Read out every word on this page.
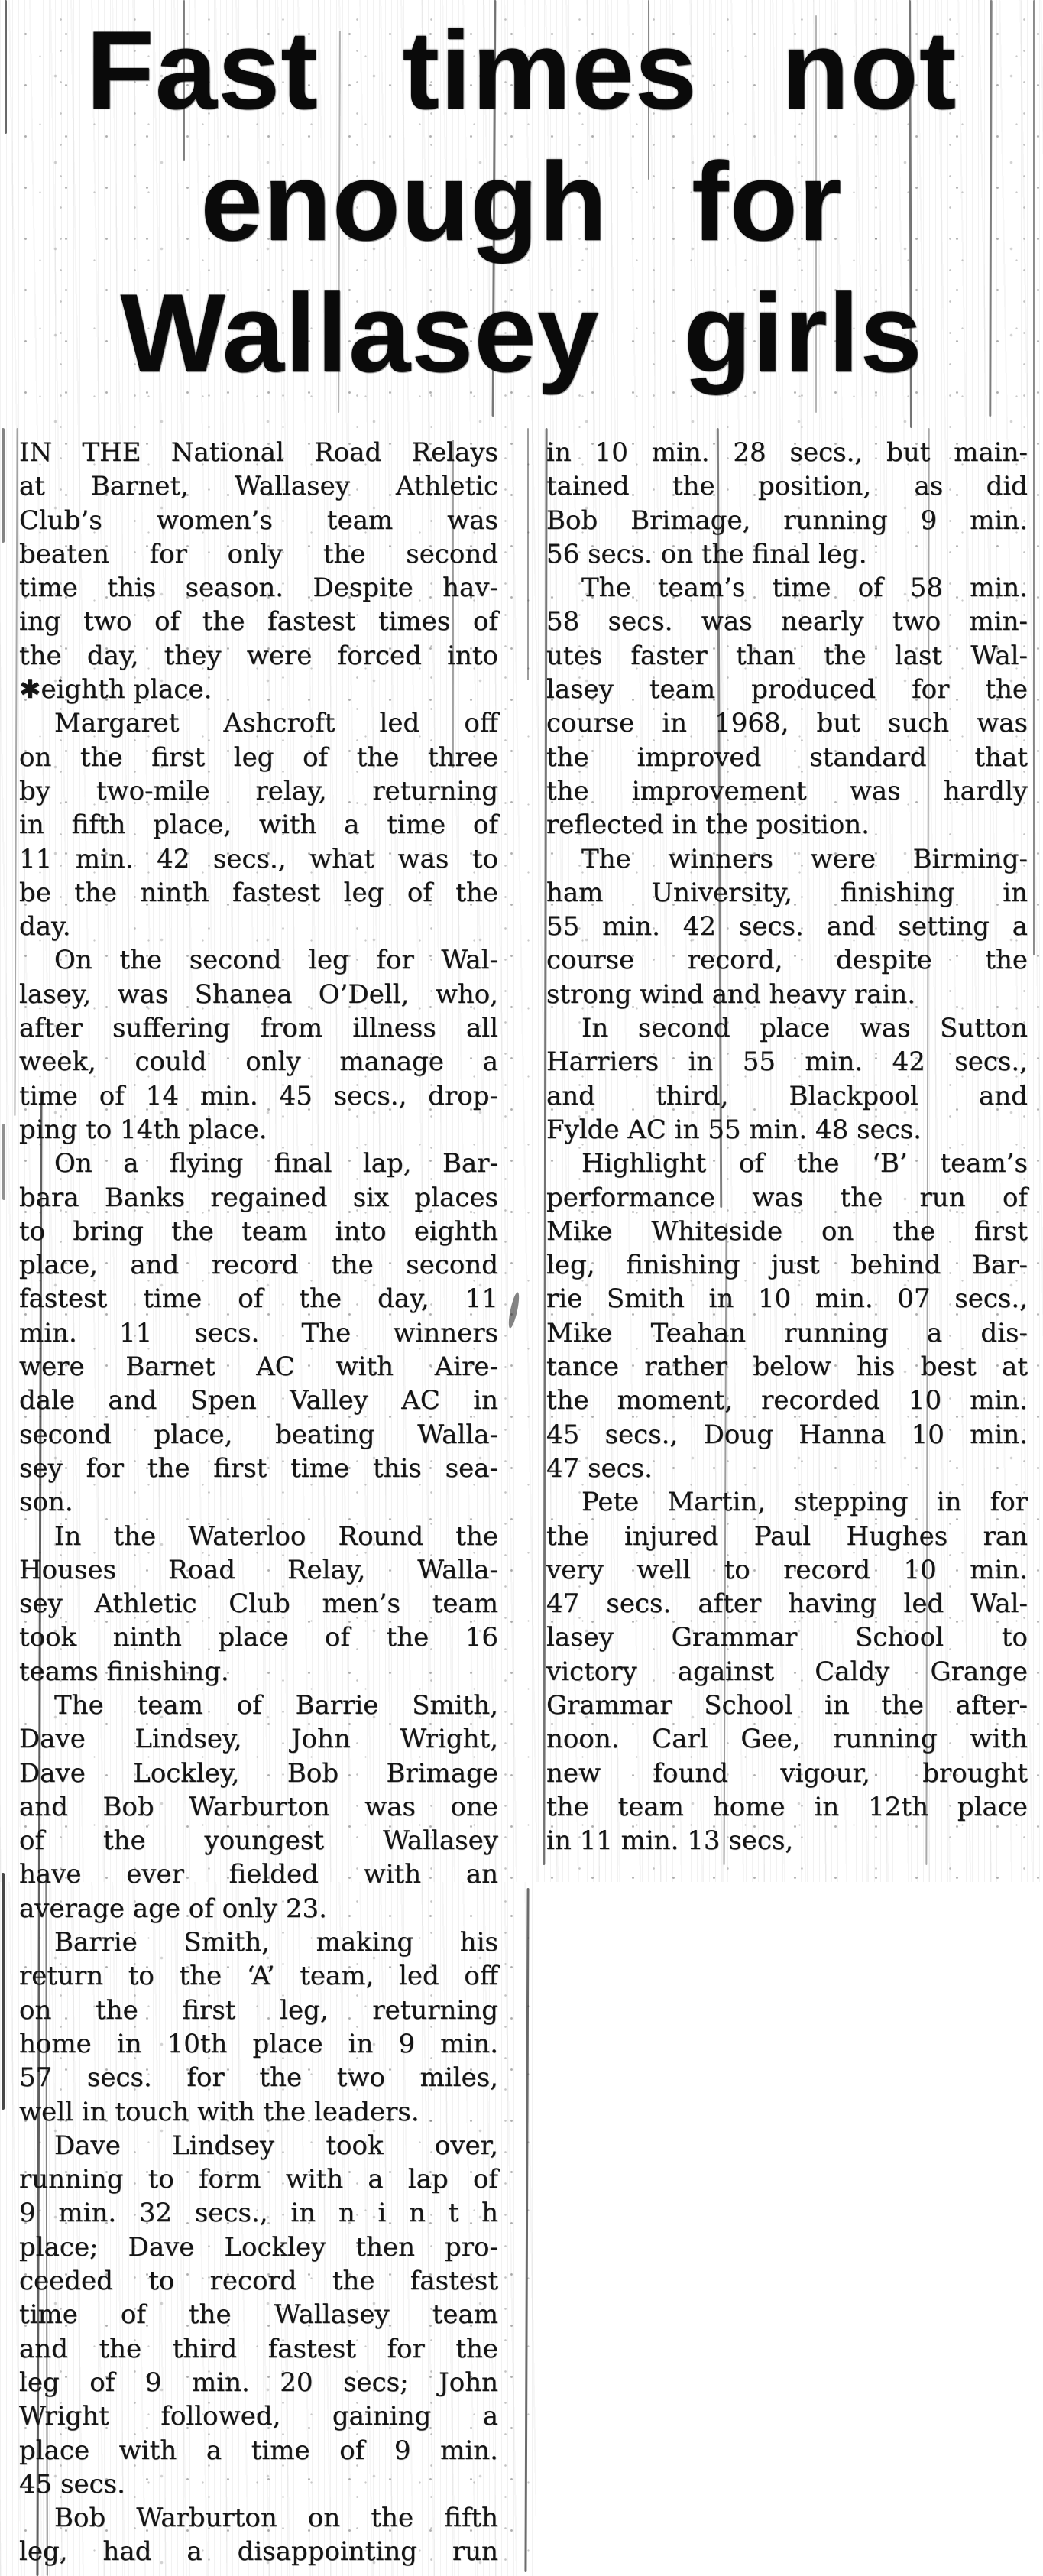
Fast times not
enough for
Wallasey girls
IN THE National Road Relays
at Barnet, Wallasey Athletic
Club’s women’s team was
beaten for only the second
time this season. Despite hav-
ing two of the fastest times of
the day, they were forced into
✱eighth place.
Margaret Ashcroft led off
on the first leg of the three
by two-mile relay, returning
in fifth place, with a time of
11 min. 42 secs., what was to
be the ninth fastest leg of the
day.
On the second leg for Wal-
lasey, was Shanea O’Dell, who,
after suffering from illness all
week, could only manage a
time of 14 min. 45 secs., drop-
ping to 14th place.
On a flying final lap, Bar-
bara Banks regained six places
to bring the team into eighth
place, and record the second
fastest time of the day, 11
min. 11 secs. The winners
were Barnet AC with Aire-
dale and Spen Valley AC in
second place, beating Walla-
sey for the first time this sea-
son.
In the Waterloo Round the
Houses Road Relay, Walla-
sey Athletic Club men’s team
took ninth place of the 16
teams finishing.
The team of Barrie Smith,
Dave Lindsey, John Wright,
Dave Lockley, Bob Brimage
and Bob Warburton was one
of the youngest Wallasey
have ever fielded with an
average age of only 23.
Barrie Smith, making his
return to the ‘A’ team, led off
on the first leg, returning
home in 10th place in 9 min.
57 secs. for the two miles,
well in touch with the leaders.
Dave Lindsey took over,
running to form with a lap of
9 min. 32 secs., in n i n t h
place; Dave Lockley then pro-
ceeded to record the fastest
time of the Wallasey team
and the third fastest for the
leg of 9 min. 20 secs; John
Wright followed, gaining a
place with a time of 9 min.
45 secs.
Bob Warburton on the fifth
leg, had a disappointing run
in 10 min. 28 secs., but main-
tained the position, as did
Bob Brimage, running 9 min.
56 secs. on the final leg.
The team’s time of 58 min.
58 secs. was nearly two min-
utes faster than the last Wal-
lasey team produced for the
course in 1968, but such was
the improved standard that
the improvement was hardly
reflected in the position.
The winners were Birming-
ham University, finishing in
55 min. 42 secs. and setting a
course record, despite the
strong wind and heavy rain.
In second place was Sutton
Harriers in 55 min. 42 secs.,
and third, Blackpool and
Fylde AC in 55 min. 48 secs.
Highlight of the ‘B’ team’s
performance was the run of
Mike Whiteside on the first
leg, finishing just behind Bar-
rie Smith in 10 min. 07 secs.,
Mike Teahan running a dis-
tance rather below his best at
the moment, recorded 10 min.
45 secs., Doug Hanna 10 min.
47 secs.
Pete Martin, stepping in for
the injured Paul Hughes ran
very well to record 10 min.
47 secs. after having led Wal-
lasey Grammar School to
victory against Caldy Grange
Grammar School in the after-
noon. Carl Gee, running with
new found vigour, brought
the team home in 12th place
in 11 min. 13 secs,
